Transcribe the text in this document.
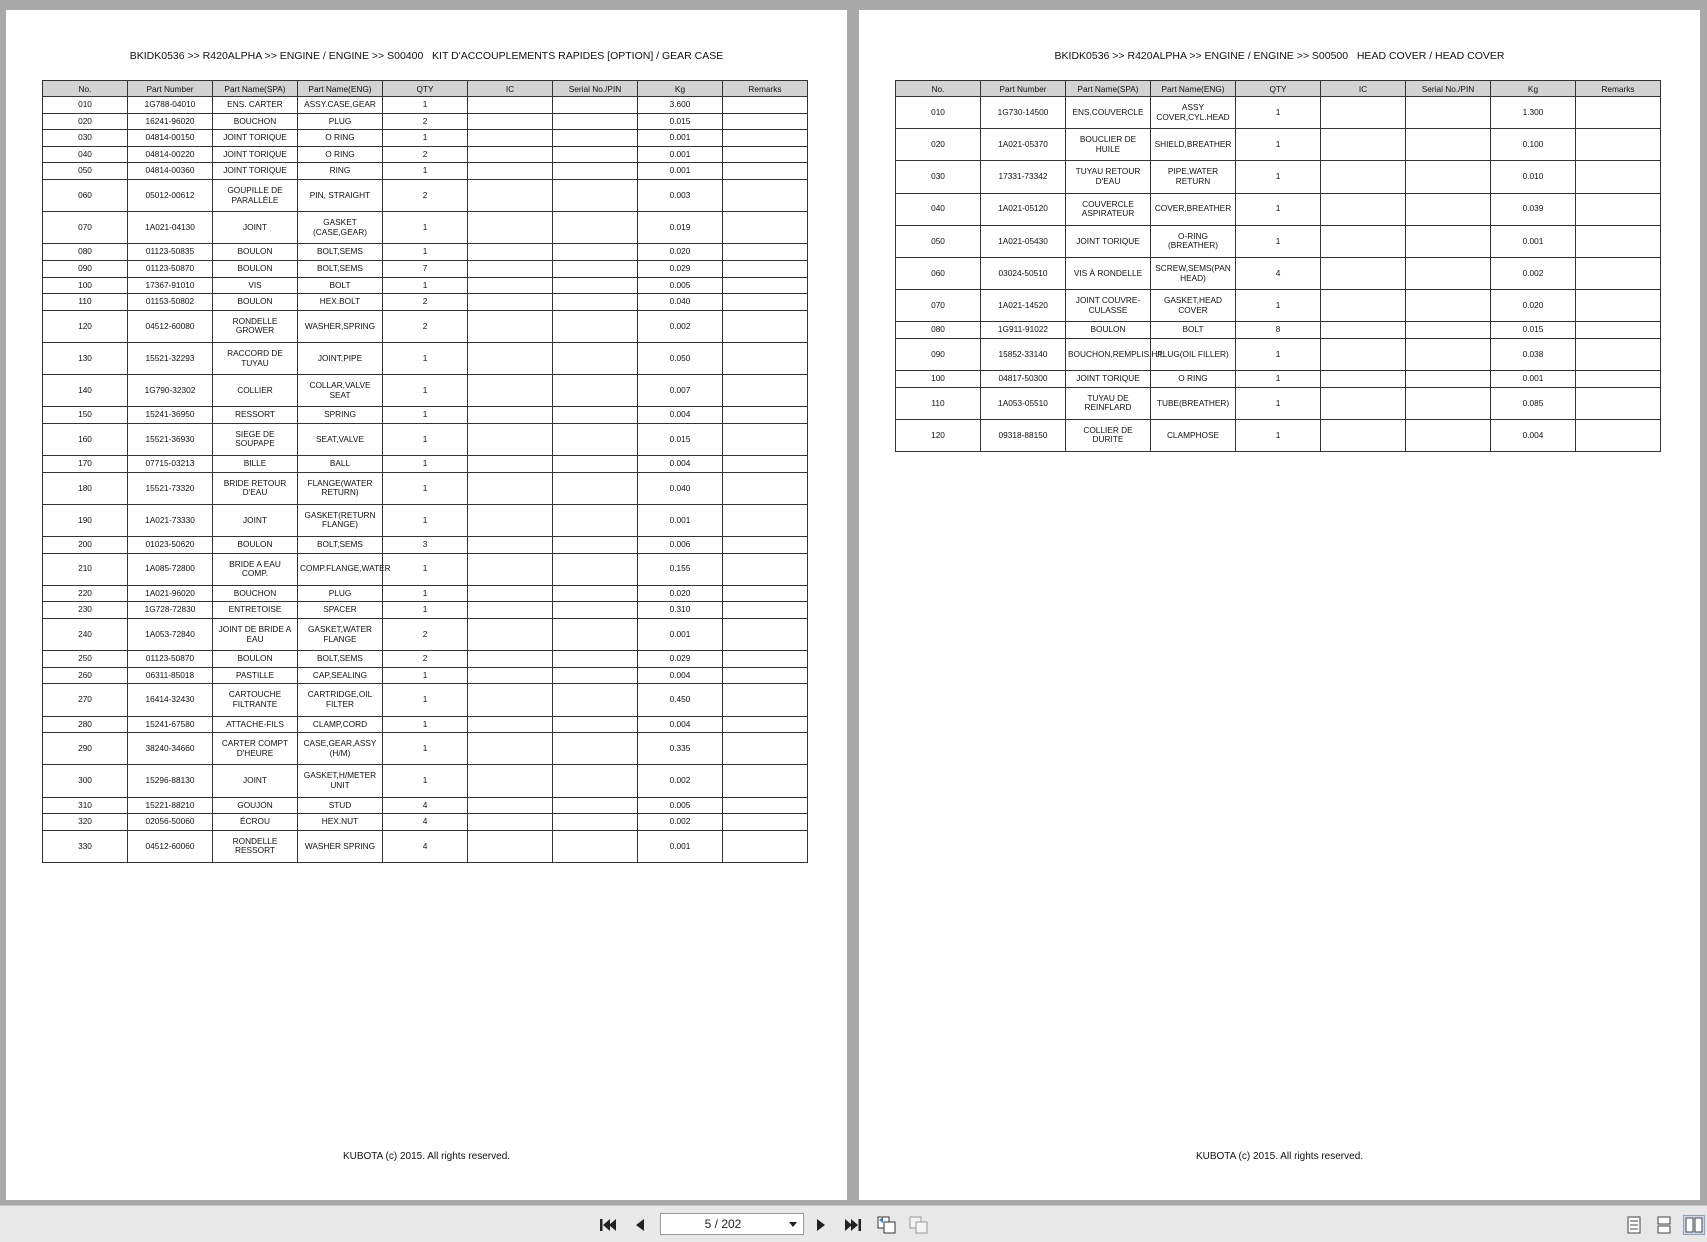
BKIDK0536 >> R420ALPHA >> ENGINE / ENGINE >> S00400   KIT D'ACCOUPLEMENTS RAPIDES [OPTION] / GEAR CASE
No.	Part Number	Part Name(SPA)	Part Name(ENG)	QTY	IC	Serial No./PIN	Kg	Remarks
010	1G788-04010	ENS. CARTER	ASSY.CASE,GEAR	1			3.600	
020	16241-96020	BOUCHON	PLUG	2			0.015	
030	04814-00150	JOINT TORIQUE	O RING	1			0.001	
040	04814-00220	JOINT TORIQUE	O RING	2			0.001	
050	04814-00360	JOINT TORIQUE	RING	1			0.001	
060	05012-00612	GOUPILLE DE PARALLÈLE	PIN, STRAIGHT	2			0.003	
070	1A021-04130	JOINT	GASKET (CASE,GEAR)	1			0.019	
080	01123-50835	BOULON	BOLT,SEMS	1			0.020	
090	01123-50870	BOULON	BOLT,SEMS	7			0.029	
100	17367-91010	VIS	BOLT	1			0.005	
110	01153-50802	BOULON	HEX.BOLT	2			0.040	
120	04512-60080	RONDELLE GROWER	WASHER,SPRING	2			0.002	
130	15521-32293	RACCORD DE TUYAU	JOINT,PIPE	1			0.050	
140	1G790-32302	COLLIER	COLLAR,VALVE SEAT	1			0.007	
150	15241-36950	RESSORT	SPRING	1			0.004	
160	15521-36930	SIEGE DE SOUPAPE	SEAT,VALVE	1			0.015	
170	07715-03213	BILLE	BALL	1			0.004	
180	15521-73320	BRIDE RETOUR D'EAU	FLANGE(WATER RETURN)	1			0.040	
190	1A021-73330	JOINT	GASKET(RETURN FLANGE)	1			0.001	
200	01023-50620	BOULON	BOLT,SEMS	3			0.006	
210	1A085-72800	BRIDE A EAU COMP.	COMP.FLANGE,WATER	1			0.155	
220	1A021-96020	BOUCHON	PLUG	1			0.020	
230	1G728-72830	ENTRETOISE	SPACER	1			0.310	
240	1A053-72840	JOINT DE BRIDE A EAU	GASKET,WATER FLANGE	2			0.001	
250	01123-50870	BOULON	BOLT,SEMS	2			0.029	
260	06311-85018	PASTILLE	CAP,SEALING	1			0.004	
270	16414-32430	CARTOUCHE FILTRANTE	CARTRIDGE,OIL FILTER	1			0.450	
280	15241-67580	ATTACHE-FILS	CLAMP,CORD	1			0.004	
290	38240-34660	CARTER COMPT D'HEURE	CASE,GEAR,ASSY (H/M)	1			0.335	
300	15296-88130	JOINT	GASKET,H/METER UNIT	1			0.002	
310	15221-88210	GOUJON	STUD	4			0.005	
320	02056-50060	ÉCROU	HEX.NUT	4			0.002	
330	04512-60060	RONDELLE RESSORT	WASHER SPRING	4			0.001	
KUBOTA (c) 2015. All rights reserved.
BKIDK0536 >> R420ALPHA >> ENGINE / ENGINE >> S00500   HEAD COVER / HEAD COVER
No.	Part Number	Part Name(SPA)	Part Name(ENG)	QTY	IC	Serial No./PIN	Kg	Remarks
010	1G730-14500	ENS.COUVERCLE	ASSY COVER,CYL.HEAD	1			1.300	
020	1A021-05370	BOUCLIER DE HUILE	SHIELD,BREATHER	1			0.100	
030	17331-73342	TUYAU RETOUR D'EAU	PIPE,WATER RETURN	1			0.010	
040	1A021-05120	COUVERCLE ASPIRATEUR	COVER,BREATHER	1			0.039	
050	1A021-05430	JOINT TORIQUE	O-RING (BREATHER)	1			0.001	
060	03024-50510	VIS À RONDELLE	SCREW,SEMS(PAN HEAD)	4			0.002	
070	1A021-14520	JOINT COUVRE-CULASSE	GASKET,HEAD COVER	1			0.020	
080	1G911-91022	BOULON	BOLT	8			0.015	
090	15852-33140	BOUCHON,REMPLIS.H/L	PLUG(OIL FILLER)	1			0.038	
100	04817-50300	JOINT TORIQUE	O RING	1			0.001	
110	1A053-05510	TUYAU DE REINFLARD	TUBE(BREATHER)	1			0.085	
120	09318-88150	COLLIER DE DURITE	CLAMPHOSE	1			0.004	
KUBOTA (c) 2015. All rights reserved.
5 / 202
